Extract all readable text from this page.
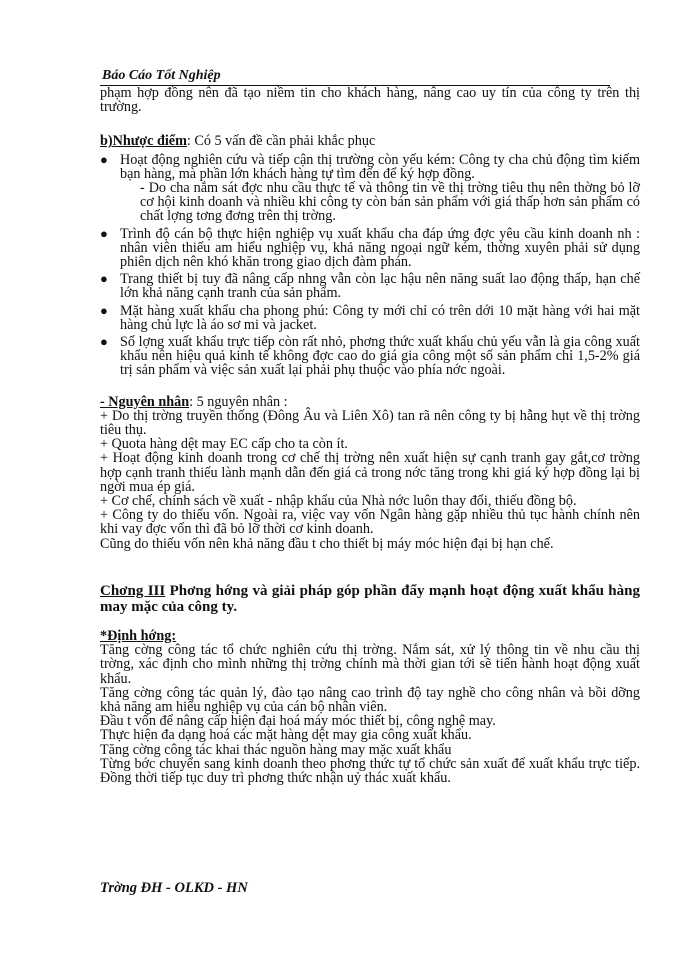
Báo Cáo Tốt Nghiệp

phạm hợp đồng nên đã tạo niềm tin cho khách hàng, nâng cao uy tín của công ty trên thị trường.

b)Nhược điểm: Có 5 vấn đề cần phải khắc phục

● Hoạt động nghiên cứu và tiếp cận thị trường còn yếu kém: Công ty cha chủ động tìm kiếm bạn hàng, mà phần lớn khách hàng tự tìm đến để ký hợp đồng.
- Do cha nắm sát đợc nhu cầu thực tế và thông tin về thị trờng tiêu thụ nên thờng bỏ lỡ cơ hội kinh doanh và nhiều khi công ty còn bán sản phẩm với giá thấp hơn sản phẩm có chất lợng tơng đơng trên thị trờng.
● Trình độ cán bộ thực hiện nghiệp vụ xuất khẩu cha đáp ứng đợc yêu cầu kinh doanh nh : nhân viên thiếu am hiểu nghiệp vụ, khả năng ngoại ngữ kém, thờng xuyên phải sử dụng phiên dịch nên khó khăn trong giao dịch đàm phán.
● Trang thiết bị tuy đã nâng cấp nhng vẫn còn lạc hậu nên năng suất lao động thấp, hạn chế lớn khả năng cạnh tranh của sản phẩm.
● Mặt hàng xuất khẩu cha phong phú: Công ty mới chỉ có trên dới 10 mặt hàng với hai mặt hàng chủ lực là áo sơ mi và jacket.
● Số lợng xuất khẩu trực tiếp còn rất nhỏ, phơng thức xuất khẩu chủ yếu vẫn là gia công xuất khẩu nên hiệu quả kinh tế không đợc cao do giá gia công một số sản phẩm chỉ 1,5-2% giá trị sản phẩm và việc sản xuất lại phải phụ thuộc vào phía nớc ngoài.

- Nguyên nhân: 5 nguyên nhân :

+ Do thị trờng truyền thống (Đông Âu và Liên Xô) tan rã nên công ty bị hẫng hụt về thị trờng tiêu thụ.

+ Quota hàng dệt may EC cấp cho ta còn ít.

+ Hoạt động kinh doanh trong cơ chế thị trờng nên xuất hiện sự cạnh tranh gay gắt,cơ trờng hợp cạnh tranh thiếu lành mạnh dẫn đến giá cả trong nớc tăng trong khi giá ký hợp đồng lại bị ngời mua ép giá.

+ Cơ chế, chính sách về xuất - nhập khẩu của Nhà nớc luôn thay đổi, thiếu đồng bộ.

+ Công ty do thiếu vốn. Ngoài ra, việc vay vốn Ngân hàng gặp nhiều thủ tục hành chính nên khi vay đợc vốn thì đã bỏ lỡ thời cơ kinh doanh.

Cũng do thiếu vốn nên khả năng đầu t cho thiết bị máy móc hiện đại bị hạn chế.

Chơng III Phơng hớng và giải pháp góp phần đẩy mạnh hoạt động xuất khẩu hàng may mặc của công ty.

*Định hớng:

Tăng cờng công tác tổ chức nghiên cứu thị trờng. Nắm sát, xử lý thông tin về nhu cầu thị trờng, xác định cho mình những thị trờng chính mà thời gian tới sẽ tiến hành hoạt động xuất khẩu.

Tăng cờng công tác quản lý, đào tạo nâng cao trình độ tay nghề cho công nhân và bồi dỡng khả năng am hiểu nghiệp vụ của cán bộ nhân viên.

Đầu t vốn để nâng cấp hiện đại hoá máy móc thiết bị, công nghệ may.

Thực hiện đa dạng hoá các mặt hàng dệt may gia công xuất khẩu.

Tăng cờng công tác khai thác nguồn hàng may mặc xuất khẩu

Từng bớc chuyển sang kinh doanh theo phơng thức tự tổ chức sản xuất để xuất khẩu trực tiếp. Đồng thời tiếp tục duy trì phơng thức nhận uỷ thác xuất khẩu.

Trờng ĐH - OLKD - HN
